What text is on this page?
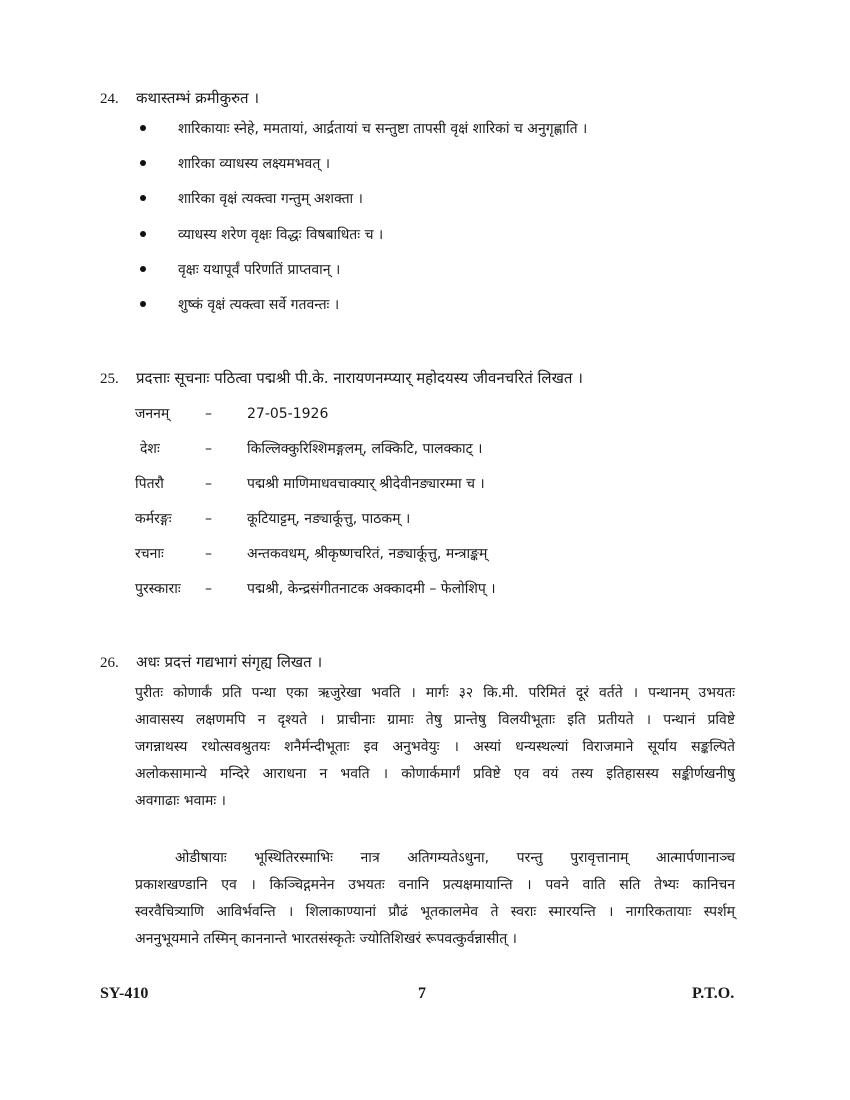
24. कथास्तम्भं क्रमीकुरुत ।
शारिकायाः स्नेहे, ममतायां, आर्द्रतायां च सन्तुष्टा तापसी वृक्षं शारिकां च अनुगृह्णाति ।
शारिका व्याधस्य लक्ष्यमभवत् ।
शारिका वृक्षं त्यक्त्वा गन्तुम् अशक्ता ।
व्याधस्य शरेण वृक्षः विद्धः विषबाधितः च ।
वृक्षः यथापूर्वं परिणतिं प्राप्तवान् ।
शुष्कं वृक्षं त्यक्त्वा सर्वे गतवन्तः ।
25. प्रदत्ताः सूचनाः पठित्वा पद्मश्री पी.के. नारायणनम्प्यार् महोदयस्य जीवनचरितं लिखत ।
जननम्	–	27-05-1926
देशः	–	किल्लिक्कुरिश्शिमङ्गलम्, लक्किटि, पालक्काट् ।
पितरौ	–	पद्मश्री माणिमाधवचाक्यार् श्रीदेवीनङ्यारम्मा च ।
कर्मरङ्गः –	कूटियाट्टम्, नङ्यार्कूत्तु, पाठकम् ।
रचनाः	–	अन्तकवधम्, श्रीकृष्णचरितं, नङ्यार्कूत्तु, मन्त्राङ्कम्
पुरस्काराः –	पद्मश्री, केन्द्रसंगीतनाटक अक्कादमी – फेलोशिप् ।
26. अधः प्रदत्तं गद्यभागं संगृह्य लिखत ।
पुरीतः कोणार्कं प्रति पन्था एका ऋजुरेखा भवति । मार्गः ३२ कि.मी. परिमितं दूरं वर्तते । पन्थानम् उभयतः
आवासस्य लक्षणमपि न दृश्यते । प्राचीनाः ग्रामाः तेषु प्रान्तेषु विलयीभूताः इति प्रतीयते । पन्थानं प्रविष्टे
जगन्नाथस्य रथोत्सवश्रुतयः शनैर्मन्दीभूताः इव अनुभवेयुः । अस्यां धन्यस्थल्यां विराजमाने सूर्याय सङ्कल्पिते
अलोकसामान्ये मन्दिरे आराधना न भवति । कोणार्कमार्गं प्रविष्टे एव वयं तस्य इतिहासस्य सङ्कीर्णखनीषु
अवगाढाः भवामः ।
ओडीषायाः भूस्थितिरस्माभिः नात्र अतिगम्यतेऽधुना, परन्तु पुरावृत्तानाम् आत्मार्पणानाञ्च
प्रकाशखण्डानि एव । किञ्चिद्गमनेन उभयतः वनानि प्रत्यक्षमायान्ति । पवने वाति सति तेभ्यः कानिचन
स्वरवैचित्र्याणि आविर्भवन्ति । शिलाकाण्यानां प्रौढं भूतकालमेव ते स्वराः स्मारयन्ति । नागरिकतायाः स्पर्शम्
अननुभूयमाने तस्मिन् काननान्ते भारतसंस्कृतेः ज्योतिशिखरं रूपवत्कुर्वन्नासीत् ।
SY-410	7	P.T.O.
